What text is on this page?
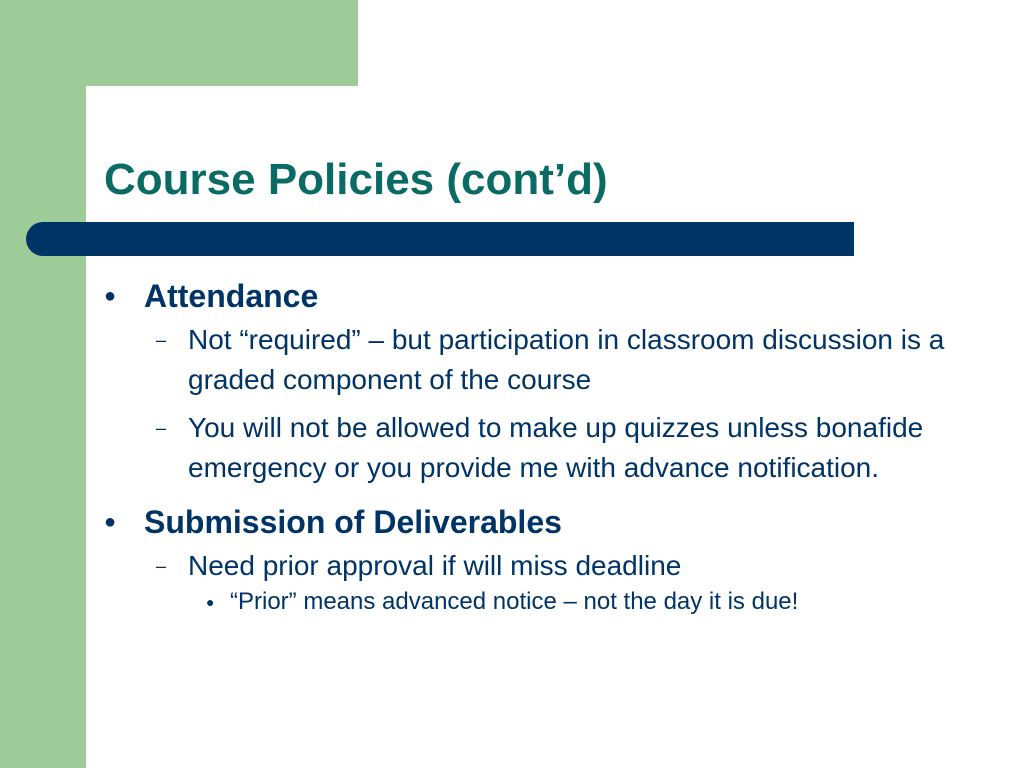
Course Policies (cont’d)
● Attendance
– Not “required” – but participation in classroom discussion is a graded component of the course
– You will not be allowed to make up quizzes unless bonafide emergency or you provide me with advance notification.
● Submission of Deliverables
– Need prior approval if will miss deadline
● “Prior” means advanced notice – not the day it is due!
